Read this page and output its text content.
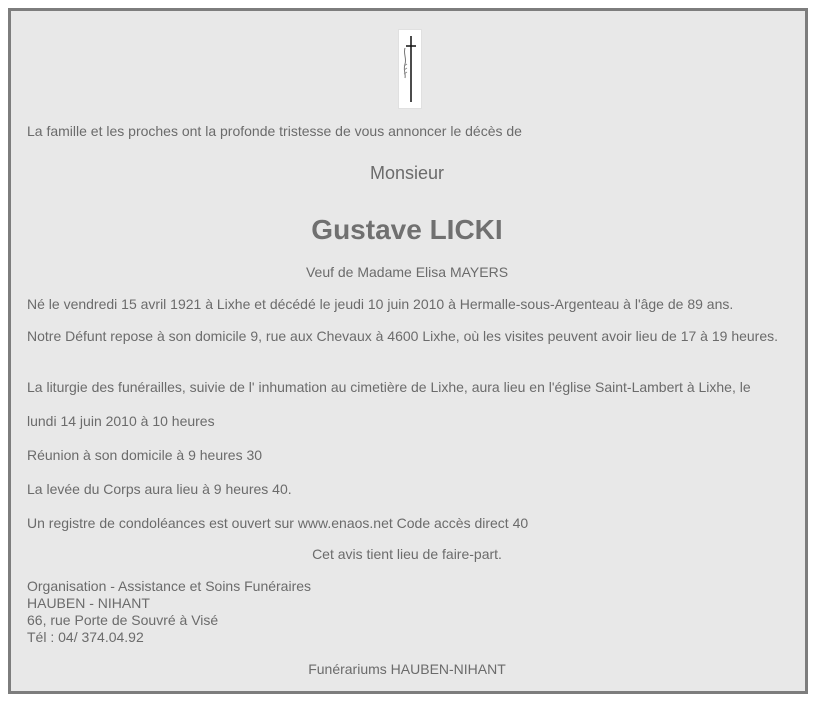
La famille et les proches ont la profonde tristesse de vous annoncer le décès de

Monsieur

Gustave LICKI

Veuf de Madame Elisa MAYERS

Né le vendredi 15 avril 1921 à Lixhe et décédé le jeudi 10 juin 2010 à Hermalle-sous-Argenteau à l'âge de 89 ans.

Notre Défunt repose à son domicile 9, rue aux Chevaux à 4600 Lixhe, où les visites peuvent avoir lieu de 17 à 19 heures.

La liturgie des funérailles, suivie de l' inhumation au cimetière de Lixhe, aura lieu en l'église Saint-Lambert à Lixhe, le

lundi 14 juin 2010 à 10 heures

Réunion à son domicile à 9 heures 30

La levée du Corps aura lieu à 9 heures 40.

Un registre de condoléances est ouvert sur www.enaos.net Code accès direct 40

Cet avis tient lieu de faire-part.

Organisation - Assistance et Soins Funéraires
HAUBEN - NIHANT
66, rue Porte de Souvré à Visé
Tél : 04/ 374.04.92

Funérariums HAUBEN-NIHANT
